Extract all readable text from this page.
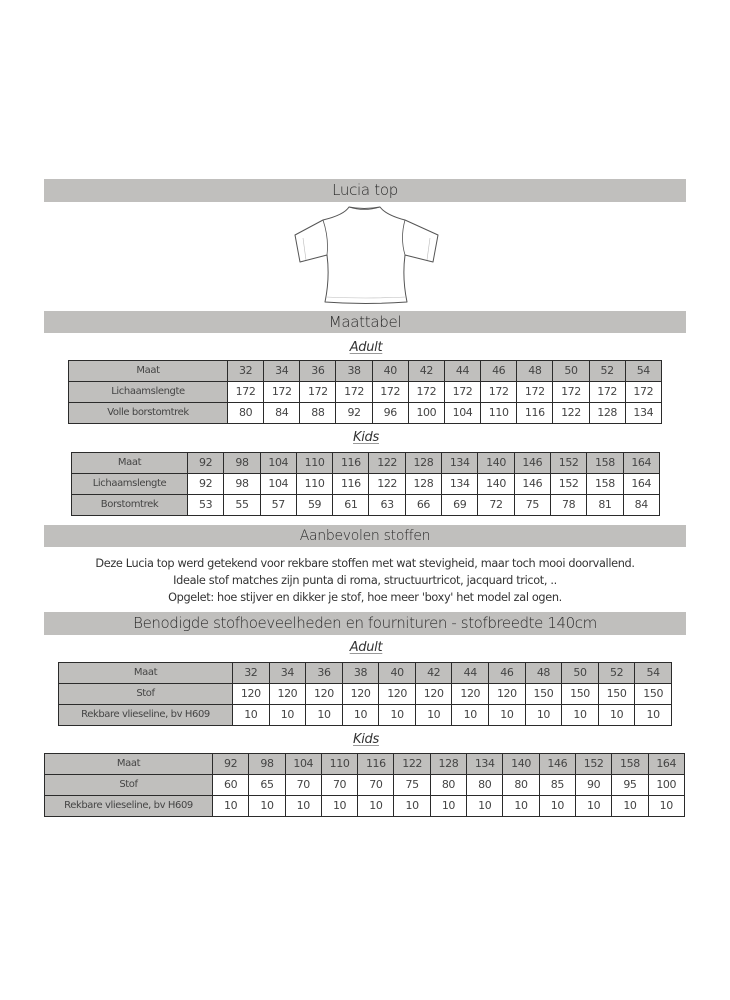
Lucia top
Maattabel
Adult
Maat	32	34	36	38	40	42	44	46	48	50	52	54
Lichaamslengte	172	172	172	172	172	172	172	172	172	172	172	172
Volle borstomtrek	80	84	88	92	96	100	104	110	116	122	128	134
Kids
Maat	92	98	104	110	116	122	128	134	140	146	152	158	164
Lichaamslengte	92	98	104	110	116	122	128	134	140	146	152	158	164
Borstomtrek	53	55	57	59	61	63	66	69	72	75	78	81	84
Aanbevolen stoffen
Deze Lucia top werd getekend voor rekbare stoffen met wat stevigheid, maar toch mooi doorvallend.
Ideale stof matches zijn punta di roma, structuurtricot, jacquard tricot, ..
Opgelet: hoe stijver en dikker je stof, hoe meer 'boxy' het model zal ogen.
Benodigde stofhoeveelheden en fournituren - stofbreedte 140cm
Adult
Maat	32	34	36	38	40	42	44	46	48	50	52	54
Stof	120	120	120	120	120	120	120	120	150	150	150	150
Rekbare vlieseline, bv H609	10	10	10	10	10	10	10	10	10	10	10	10
Kids
Maat	92	98	104	110	116	122	128	134	140	146	152	158	164
Stof	60	65	70	70	70	75	80	80	80	85	90	95	100
Rekbare vlieseline, bv H609	10	10	10	10	10	10	10	10	10	10	10	10	10
